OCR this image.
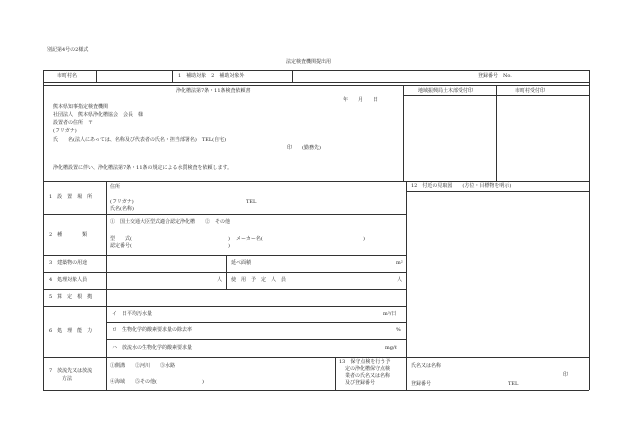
別記第4号の2様式
法定検査機関提出用
市町村名	1　補助対象　2　補助対象外	登録番号　No.
浄化槽法第7条・11条検査依頼書
年　　月　　日
熊本県知事指定検査機関
社団法人　熊本県浄化槽協会　会長　様
設置者の住所　〒
(フリガナ)
氏　　名(法人にあっては、名称及び代表者の氏名・担当部署名)　TEL(自宅)
印　　(勤務先)
浄化槽設置に伴い、浄化槽法第7条・11条の規定による水質検査を依頼します。
地域振興局土木部受付印	市町村受付印
1　設　置　場　所
住所
(フリガナ)	TEL
氏名(名称)
12　付近の見取図　　(方位・目標物を明示)
2　種　　　　類
①　国土交通大臣型式適合認定浄化槽　　②　その他
型　　式(	) メーカー名(	)
認定番号(	)
3　建築物の用途	延べ面積	m²
4　処理対象人員	人 使　用　予　定　人　員	人
5　算　定　根　拠
6　処　理　能　力
イ　日平均汚水量	m³/日
ロ　生物化学的酸素要求量の除去率	%
ハ　放流水の生物化学的酸素要求量	mg/ℓ
7　放流先又は放流
　方法
①側溝　　②河川　　③水路
④海域　　⑤その他(　　　　　　　　　)
13　保守点検を行う予
定の浄化槽保守点検
業者の氏名又は名称
及び登録番号
氏名又は名称
印
登録番号	TEL
